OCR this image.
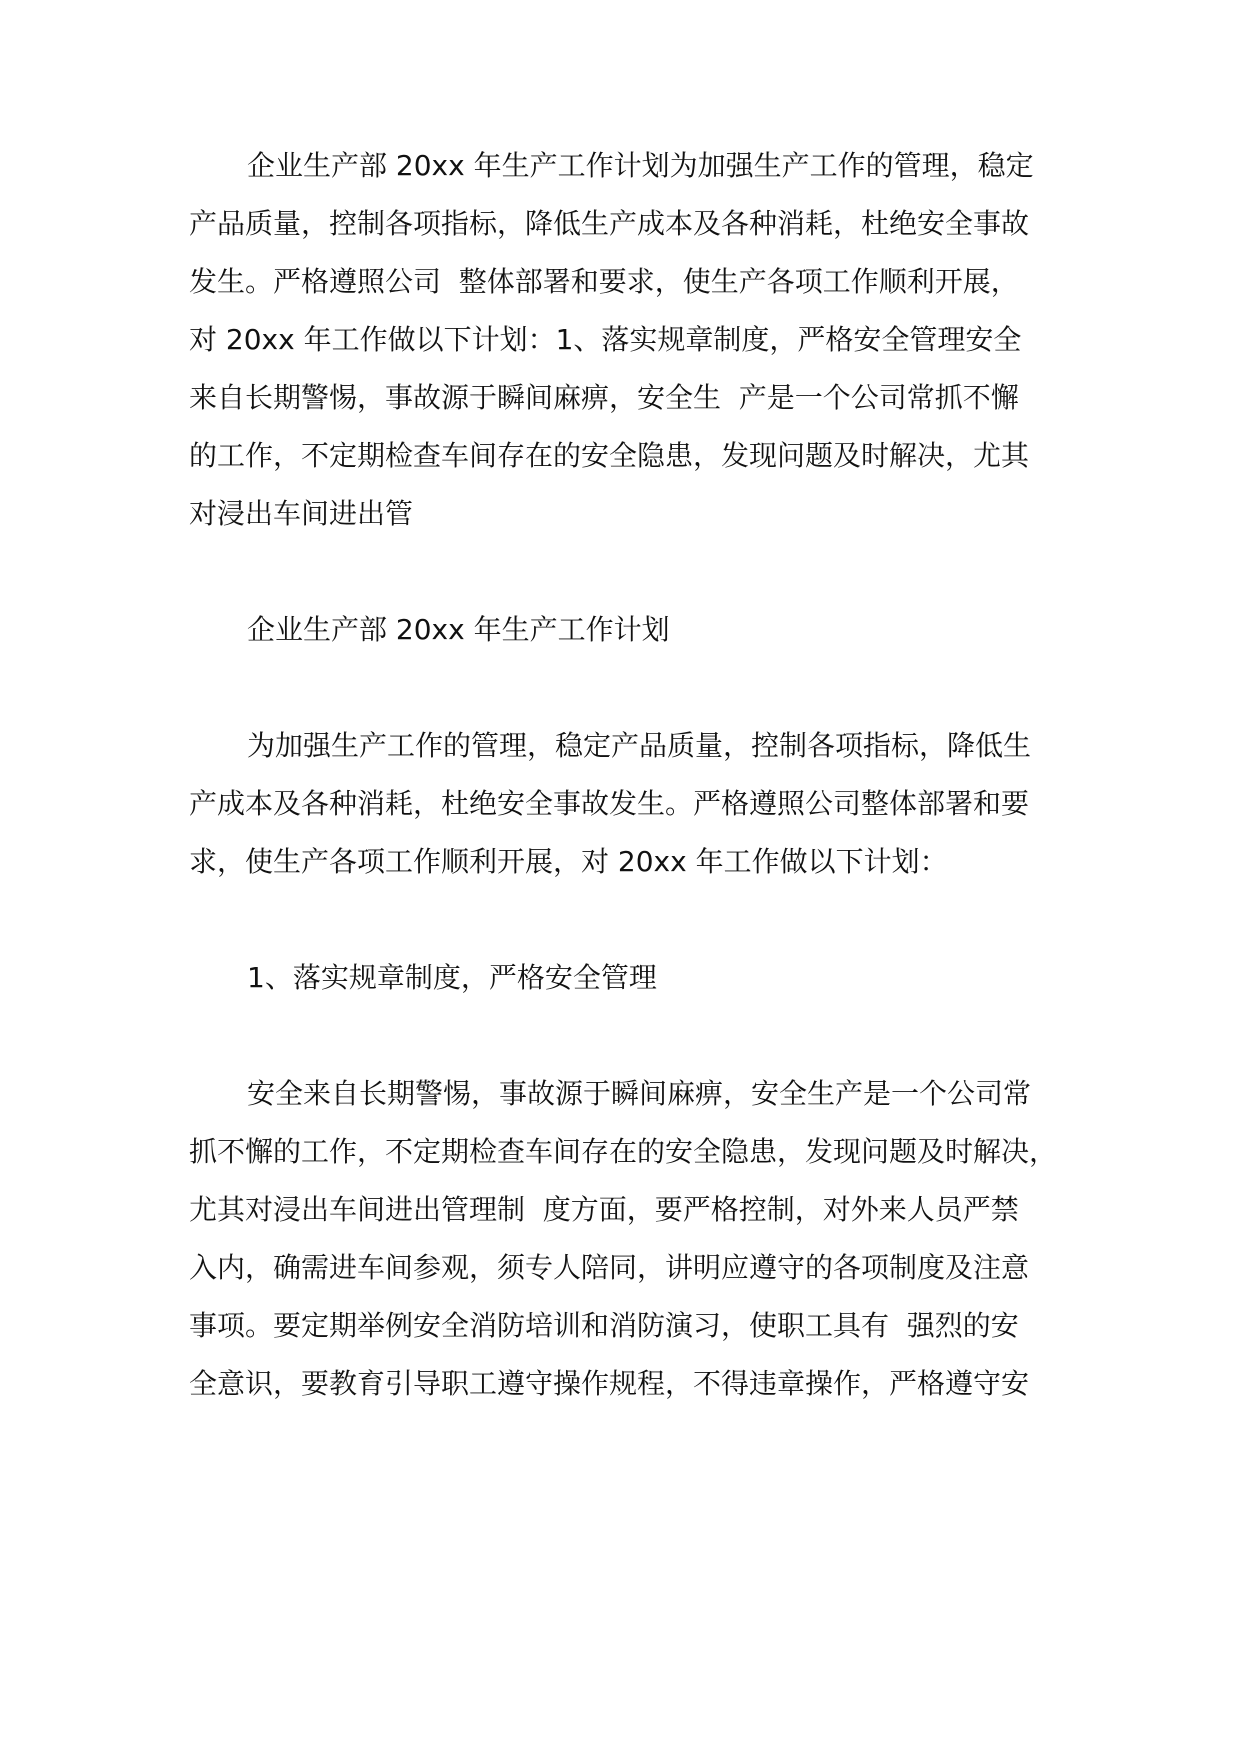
企业生产部 20xx 年生产工作计划为加强生产工作的管理，稳定
产品质量，控制各项指标，降低生产成本及各种消耗，杜绝安全事故
发生。严格遵照公司  整体部署和要求，使生产各项工作顺利开展，
对 20xx 年工作做以下计划：1、落实规章制度，严格安全管理安全
来自长期警惕，事故源于瞬间麻痹，安全生  产是一个公司常抓不懈
的工作，不定期检查车间存在的安全隐患，发现问题及时解决，尤其
对浸出车间进出管
企业生产部 20xx 年生产工作计划
为加强生产工作的管理，稳定产品质量，控制各项指标，降低生
产成本及各种消耗，杜绝安全事故发生。严格遵照公司整体部署和要
求，使生产各项工作顺利开展，对 20xx 年工作做以下计划：
1、落实规章制度，严格安全管理
安全来自长期警惕，事故源于瞬间麻痹，安全生产是一个公司常
抓不懈的工作，不定期检查车间存在的安全隐患，发现问题及时解决，
尤其对浸出车间进出管理制  度方面，要严格控制，对外来人员严禁
入内，确需进车间参观，须专人陪同，讲明应遵守的各项制度及注意
事项。要定期举例安全消防培训和消防演习，使职工具有  强烈的安
全意识，要教育引导职工遵守操作规程，不得违章操作，严格遵守安
